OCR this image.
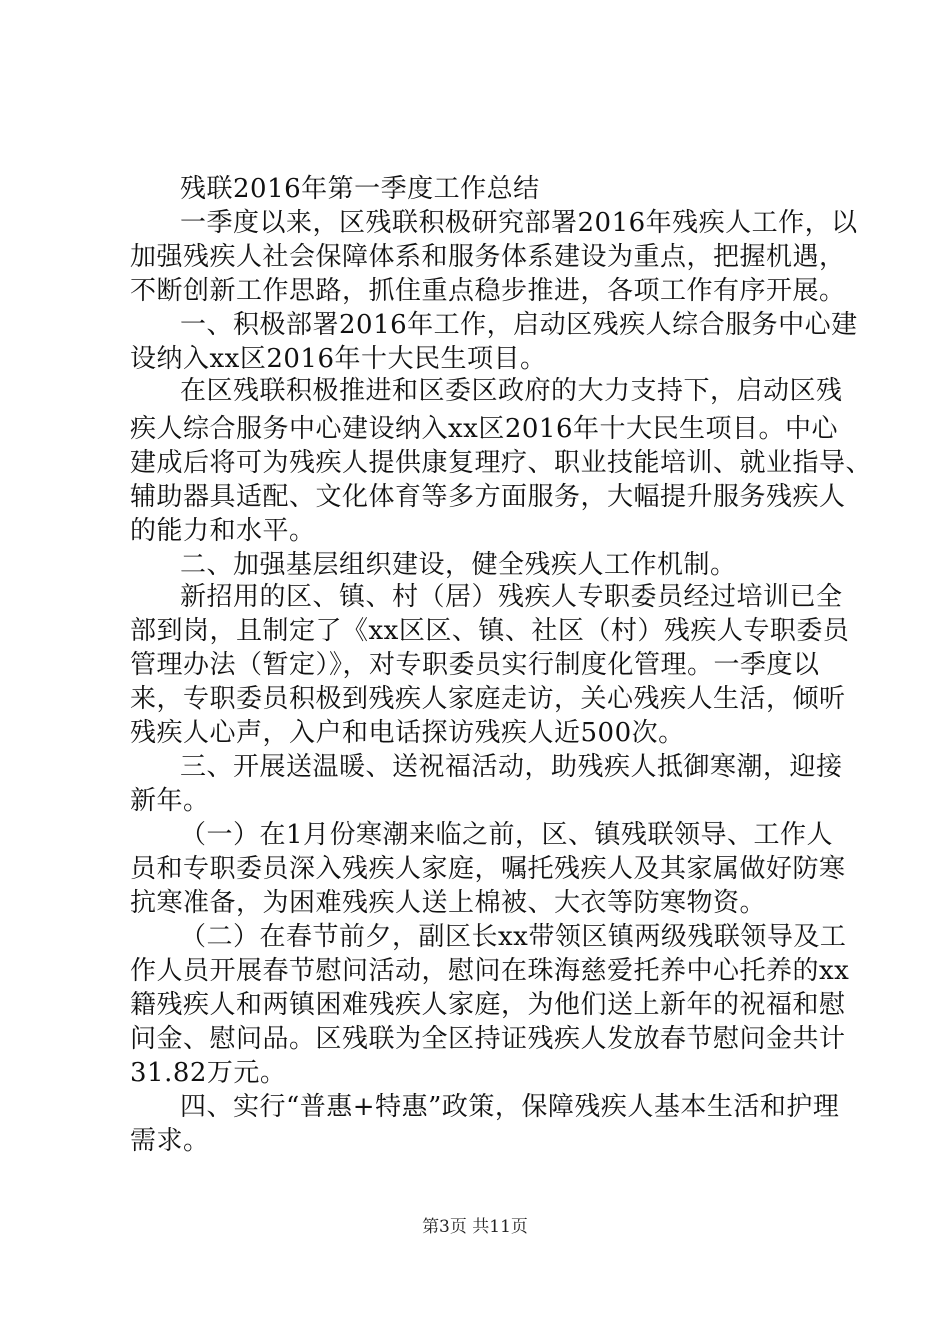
残联2016年第一季度工作总结
一季度以来，区残联积极研究部署2016年残疾人工作，以
加强残疾人社会保障体系和服务体系建设为重点，把握机遇，
不断创新工作思路，抓住重点稳步推进，各项工作有序开展。
一、积极部署2016年工作，启动区残疾人综合服务中心建
设纳入xx区2016年十大民生项目。
在区残联积极推进和区委区政府的大力支持下，启动区残
疾人综合服务中心建设纳入xx区2016年十大民生项目。中心
建成后将可为残疾人提供康复理疗、职业技能培训、就业指导、
辅助器具适配、文化体育等多方面服务，大幅提升服务残疾人
的能力和水平。
二、加强基层组织建设，健全残疾人工作机制。
新招用的区、镇、村（居）残疾人专职委员经过培训已全
部到岗，且制定了《xx区区、镇、社区（村）残疾人专职委员
管理办法（暂定）》，对专职委员实行制度化管理。一季度以
来，专职委员积极到残疾人家庭走访，关心残疾人生活，倾听
残疾人心声，入户和电话探访残疾人近500次。
三、开展送温暖、送祝福活动，助残疾人抵御寒潮，迎接
新年。
（一）在1月份寒潮来临之前，区、镇残联领导、工作人
员和专职委员深入残疾人家庭，嘱托残疾人及其家属做好防寒
抗寒准备，为困难残疾人送上棉被、大衣等防寒物资。
（二）在春节前夕，副区长xx带领区镇两级残联领导及工
作人员开展春节慰问活动，慰问在珠海慈爱托养中心托养的xx
籍残疾人和两镇困难残疾人家庭，为他们送上新年的祝福和慰
问金、慰问品。区残联为全区持证残疾人发放春节慰问金共计
31.82万元。
四、实行“普惠+特惠”政策，保障残疾人基本生活和护理
需求。
第3页 共11页
